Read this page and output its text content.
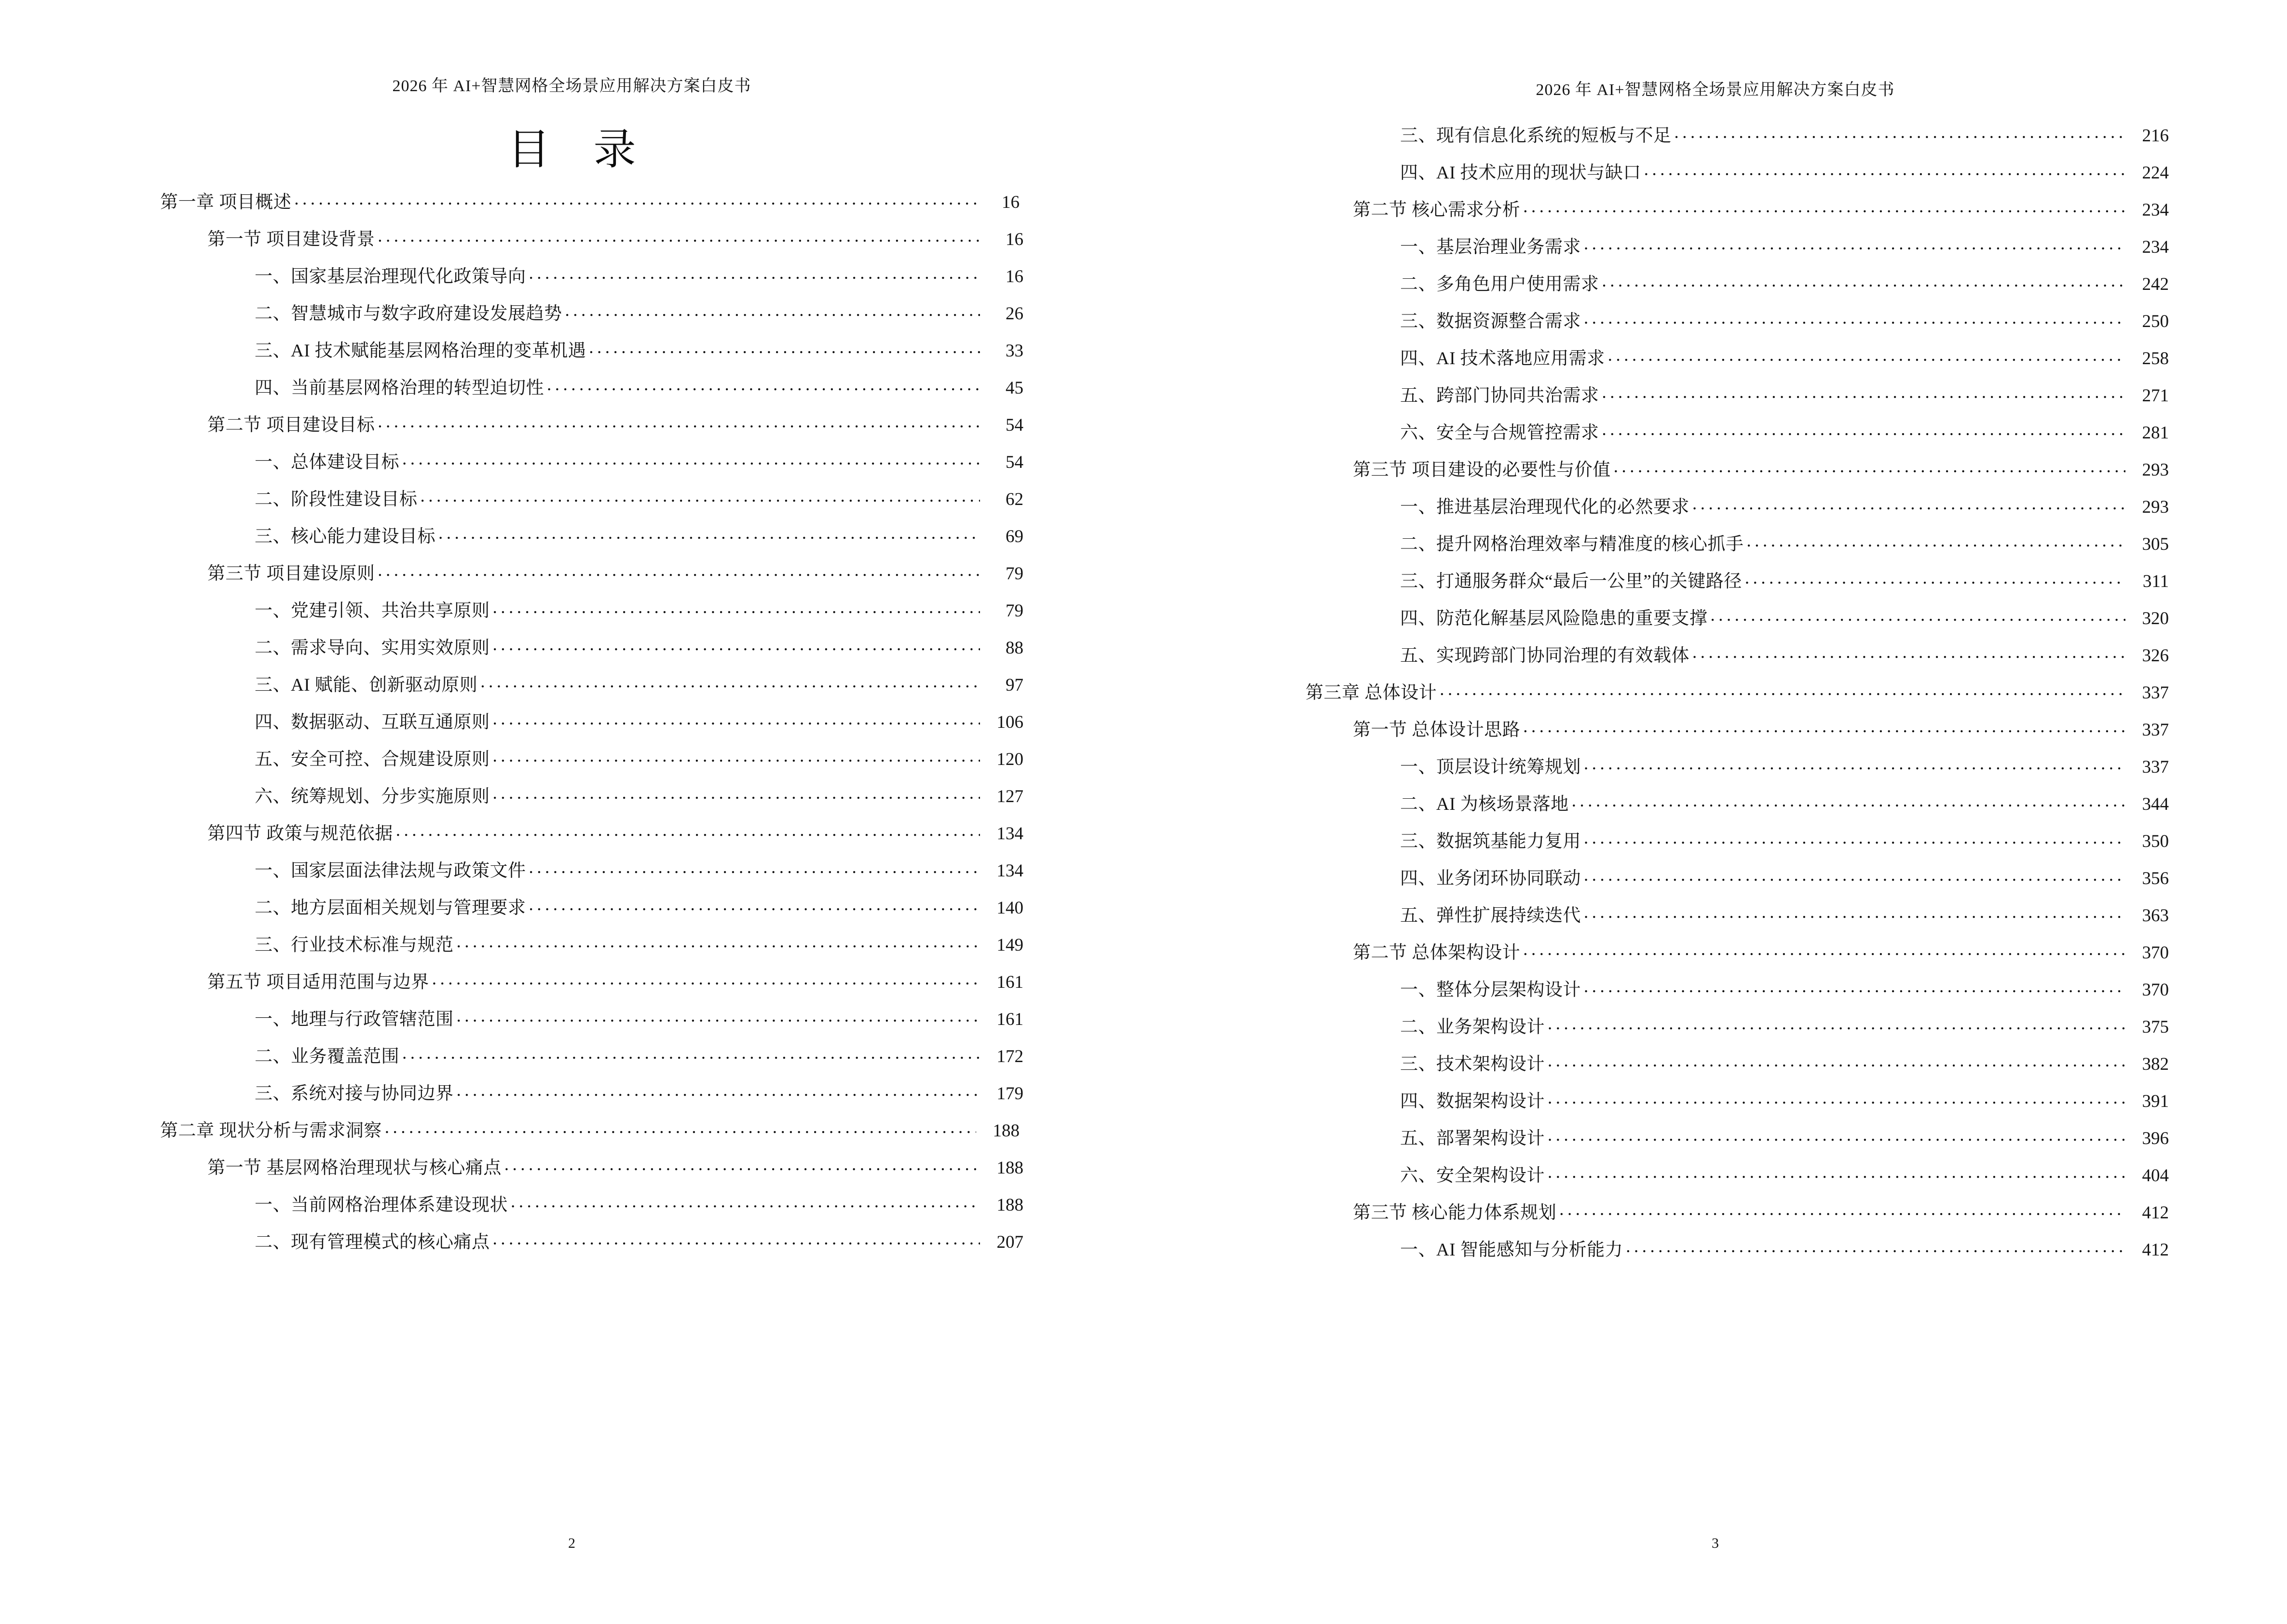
2026 年 AI+智慧网格全场景应用解决方案白皮书
目 录
第一章 项目概述 .....	16
第一节 项目建设背景 .....	16
一、国家基层治理现代化政策导向 .....	16
二、智慧城市与数字政府建设发展趋势 .....	26
三、AI 技术赋能基层网格治理的变革机遇 .....	33
四、当前基层网格治理的转型迫切性 .....	45
第二节 项目建设目标 .....	54
一、总体建设目标 .....	54
二、阶段性建设目标 .....	62
三、核心能力建设目标 .....	69
第三节 项目建设原则 .....	79
一、党建引领、共治共享原则 .....	79
二、需求导向、实用实效原则 .....	88
三、AI 赋能、创新驱动原则 .....	97
四、数据驱动、互联互通原则 .....	106
五、安全可控、合规建设原则 .....	120
六、统筹规划、分步实施原则 .....	127
第四节 政策与规范依据 .....	134
一、国家层面法律法规与政策文件 .....	134
二、地方层面相关规划与管理要求 .....	140
三、行业技术标准与规范 .....	149
第五节 项目适用范围与边界 .....	161
一、地理与行政管辖范围 .....	161
二、业务覆盖范围 .....	172
三、系统对接与协同边界 .....	179
第二章 现状分析与需求洞察 .....	188
第一节 基层网格治理现状与核心痛点 .....	188
一、当前网格治理体系建设现状 .....	188
二、现有管理模式的核心痛点 .....	207
2
2026 年 AI+智慧网格全场景应用解决方案白皮书
三、现有信息化系统的短板与不足 .....	216
四、AI 技术应用的现状与缺口 .....	224
第二节 核心需求分析 .....	234
一、基层治理业务需求 .....	234
二、多角色用户使用需求 .....	242
三、数据资源整合需求 .....	250
四、AI 技术落地应用需求 .....	258
五、跨部门协同共治需求 .....	271
六、安全与合规管控需求 .....	281
第三节 项目建设的必要性与价值 .....	293
一、推进基层治理现代化的必然要求 .....	293
二、提升网格治理效率与精准度的核心抓手 .....	305
三、打通服务群众“最后一公里”的关键路径 .....	311
四、防范化解基层风险隐患的重要支撑 .....	320
五、实现跨部门协同治理的有效载体 .....	326
第三章 总体设计 .....	337
第一节 总体设计思路 .....	337
一、顶层设计统筹规划 .....	337
二、AI 为核场景落地 .....	344
三、数据筑基能力复用 .....	350
四、业务闭环协同联动 .....	356
五、弹性扩展持续迭代 .....	363
第二节 总体架构设计 .....	370
一、整体分层架构设计 .....	370
二、业务架构设计 .....	375
三、技术架构设计 .....	382
四、数据架构设计 .....	391
五、部署架构设计 .....	396
六、安全架构设计 .....	404
第三节 核心能力体系规划 .....	412
一、AI 智能感知与分析能力 .....	412
3
